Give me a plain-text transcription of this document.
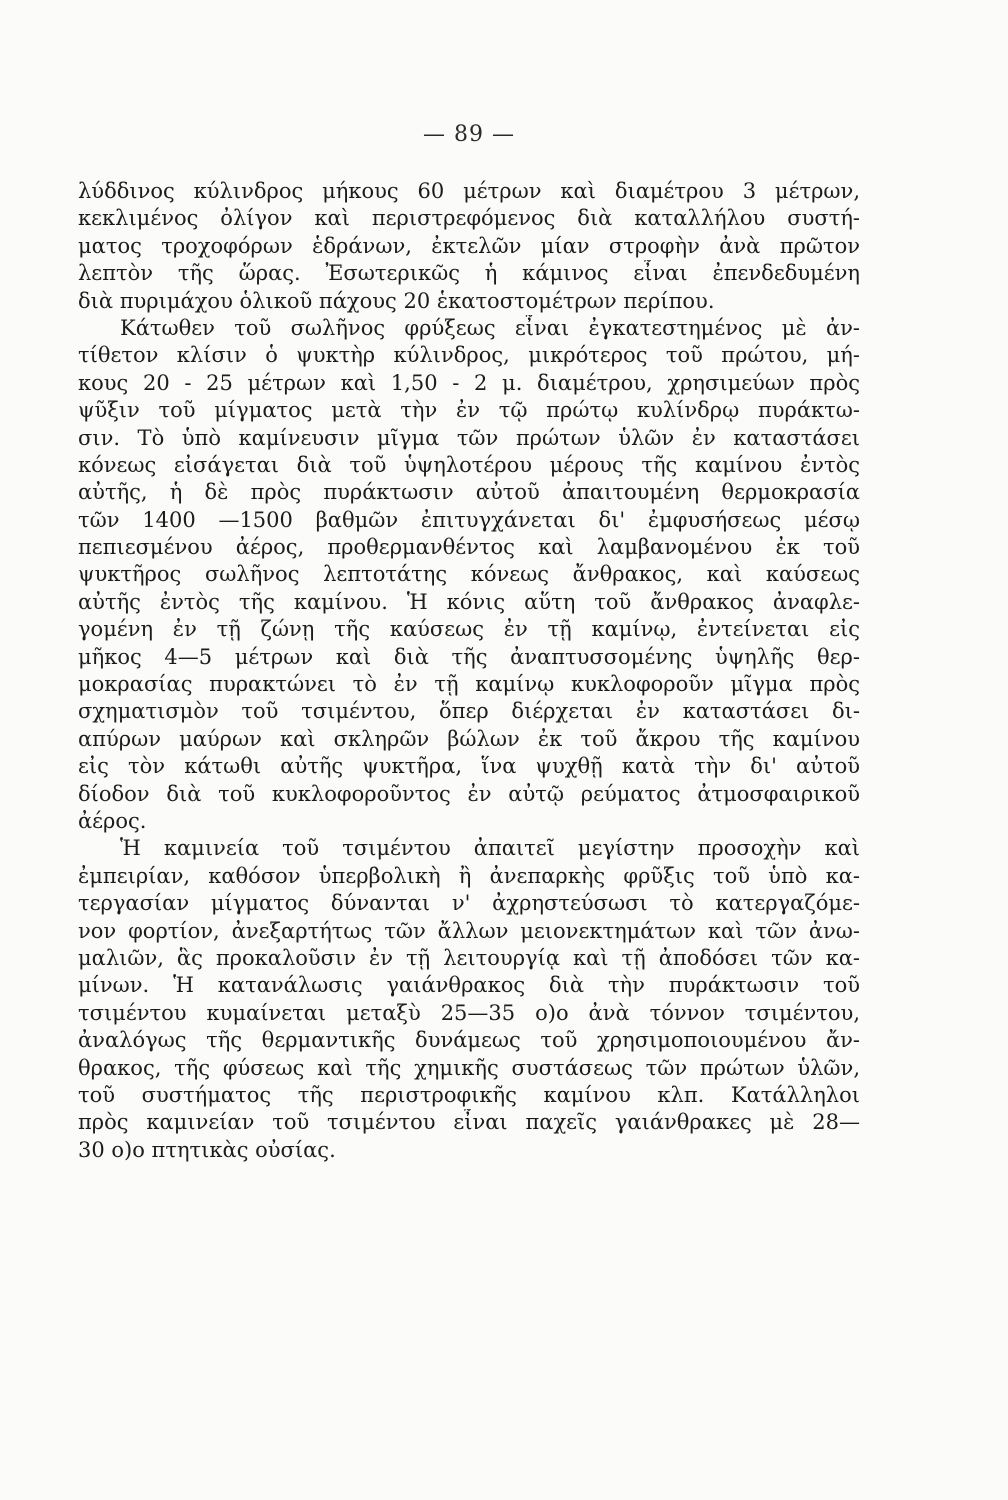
— 89 —
λύδδινος κύλινδρος μήκους 60 μέτρων καὶ διαμέτρου 3 μέτρων,
κεκλιμένος ὀλίγον καὶ περιστρεφόμενος διὰ καταλλήλου συστή-
ματος τροχοφόρων ἑδράνων, ἐκτελῶν μίαν στροφὴν ἀνὰ πρῶτον
λεπτὸν τῆς ὥρας. Ἐσωτερικῶς ἡ κάμινος εἶναι ἐπενδεδυμένη
διὰ πυριμάχου ὁλικοῦ πάχους 20 ἑκατοστομέτρων περίπου.
Κάτωθεν τοῦ σωλῆνος φρύξεως εἶναι ἐγκατεστημένος μὲ ἀν-
τίθετον κλίσιν ὁ ψυκτὴρ κύλινδρος, μικρότερος τοῦ πρώτου, μή-
κους 20 - 25 μέτρων καὶ 1,50 - 2 μ. διαμέτρου, χρησιμεύων πρὸς
ψῦξιν τοῦ μίγματος μετὰ τὴν ἐν τῷ πρώτῳ κυλίνδρῳ πυράκτω-
σιν. Τὸ ὑπὸ καμίνευσιν μῖγμα τῶν πρώτων ὑλῶν ἐν καταστάσει
κόνεως εἰσάγεται διὰ τοῦ ὑψηλοτέρου μέρους τῆς καμίνου ἐντὸς
αὐτῆς, ἡ δὲ πρὸς πυράκτωσιν αὐτοῦ ἀπαιτουμένη θερμοκρασία
τῶν 1400 —1500 βαθμῶν ἐπιτυγχάνεται δι' ἐμφυσήσεως μέσῳ
πεπιεσμένου ἀέρος, προθερμανθέντος καὶ λαμβανομένου ἐκ τοῦ
ψυκτῆρος σωλῆνος λεπτοτάτης κόνεως ἄνθρακος, καὶ καύσεως
αὐτῆς ἐντὸς τῆς καμίνου. Ἡ κόνις αὕτη τοῦ ἄνθρακος ἀναφλε-
γομένη ἐν τῇ ζώνῃ τῆς καύσεως ἐν τῇ καμίνῳ, ἐντείνεται εἰς
μῆκος 4—5 μέτρων καὶ διὰ τῆς ἀναπτυσσομένης ὑψηλῆς θερ-
μοκρασίας πυρακτώνει τὸ ἐν τῇ καμίνῳ κυκλοφοροῦν μῖγμα πρὸς
σχηματισμὸν τοῦ τσιμέντου, ὅπερ διέρχεται ἐν καταστάσει δι-
απύρων μαύρων καὶ σκληρῶν βώλων ἐκ τοῦ ἄκρου τῆς καμίνου
εἰς τὸν κάτωθι αὐτῆς ψυκτῆρα, ἵνα ψυχθῇ κατὰ τὴν δι' αὐτοῦ
δίοδον διὰ τοῦ κυκλοφοροῦντος ἐν αὐτῷ ρεύματος ἀτμοσφαιρικοῦ
ἀέρος.
Ἡ καμινεία τοῦ τσιμέντου ἀπαιτεῖ μεγίστην προσοχὴν καὶ
ἐμπειρίαν, καθόσον ὑπερβολικὴ ἢ ἀνεπαρκὴς φρῦξις τοῦ ὑπὸ κα-
τεργασίαν μίγματος δύνανται ν' ἀχρηστεύσωσι τὸ κατεργαζόμε-
νον φορτίον, ἀνεξαρτήτως τῶν ἄλλων μειονεκτημάτων καὶ τῶν ἀνω-
μαλιῶν, ἃς προκαλοῦσιν ἐν τῇ λειτουργίᾳ καὶ τῇ ἀποδόσει τῶν κα-
μίνων. Ἡ κατανάλωσις γαιάνθρακος διὰ τὴν πυράκτωσιν τοῦ
τσιμέντου κυμαίνεται μεταξὺ 25—35 ο)ο ἀνὰ τόννον τσιμέντου,
ἀναλόγως τῆς θερμαντικῆς δυνάμεως τοῦ χρησιμοποιουμένου ἄν-
θρακος, τῆς φύσεως καὶ τῆς χημικῆς συστάσεως τῶν πρώτων ὑλῶν,
τοῦ συστήματος τῆς περιστροφικῆς καμίνου κλπ. Κατάλληλοι
πρὸς καμινείαν τοῦ τσιμέντου εἶναι παχεῖς γαιάνθρακες μὲ 28—
30 ο)ο πτητικὰς οὐσίας.
